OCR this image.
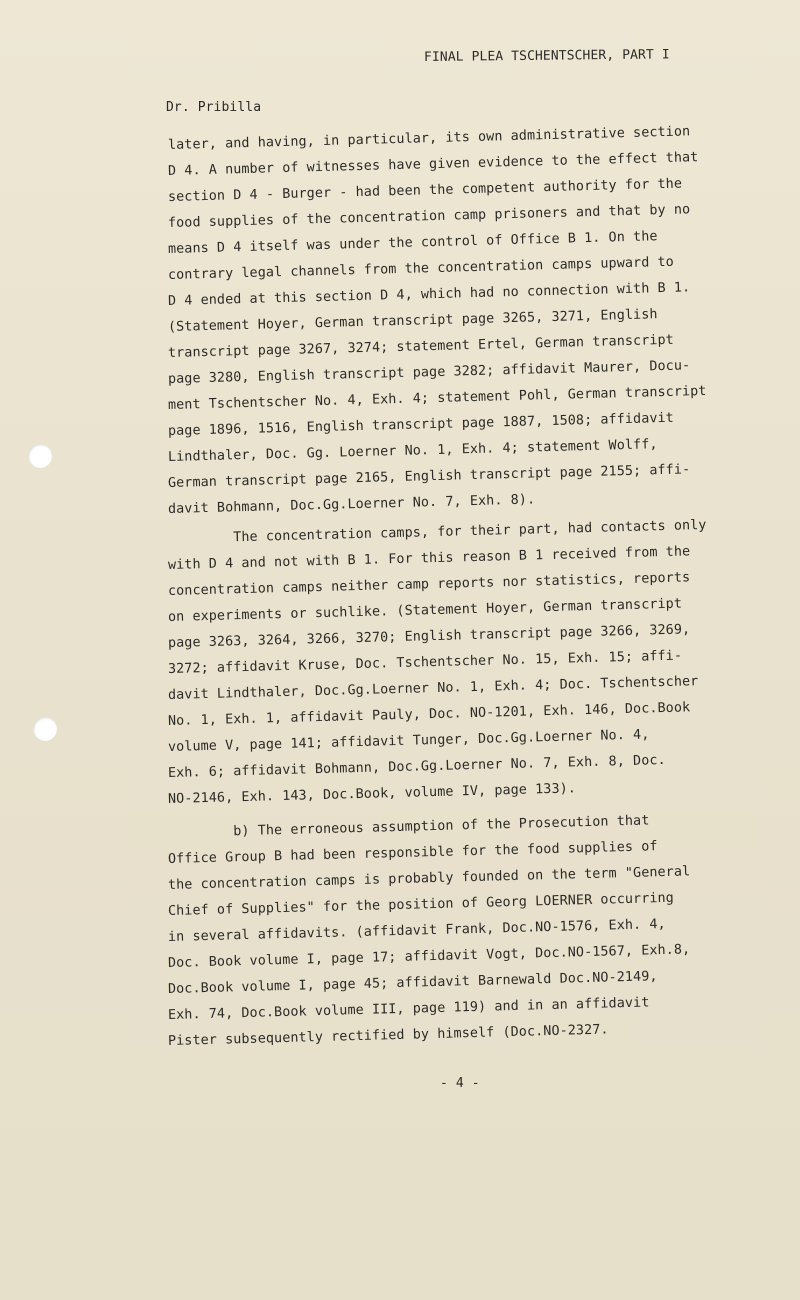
FINAL PLEA TSCHENTSCHER, PART I
Dr. Pribilla

later, and having, in particular, its own administrative section

D 4. A number of witnesses have given evidence to the effect that

section D 4 - Burger - had been the competent authority for the

food supplies of the concentration camp prisoners and that by no

means D 4 itself was under the control of Office B 1. On the

contrary legal channels from the concentration camps upward to

D 4 ended at this section D 4, which had no connection with B 1.

(Statement Hoyer, German transcript page 3265, 3271, English

transcript page 3267, 3274; statement Ertel, German transcript

page 3280, English transcript page 3282; affidavit Maurer, Docu-

ment Tschentscher No. 4, Exh. 4; statement Pohl, German transcript

page 1896, 1516, English transcript page 1887, 1508; affidavit

Lindthaler, Doc. Gg. Loerner No. 1, Exh. 4; statement Wolff,

German transcript page 2165, English transcript page 2155; affi-

davit Bohmann, Doc.Gg.Loerner No. 7, Exh. 8).

The concentration camps, for their part, had contacts only

with D 4 and not with B 1. For this reason B 1 received from the

concentration camps neither camp reports nor statistics, reports

on experiments or suchlike. (Statement Hoyer, German transcript

page 3263, 3264, 3266, 3270; English transcript page 3266, 3269,

3272; affidavit Kruse, Doc. Tschentscher No. 15, Exh. 15; affi-

davit Lindthaler, Doc.Gg.Loerner No. 1, Exh. 4; Doc. Tschentscher

No. 1, Exh. 1, affidavit Pauly, Doc. NO-1201, Exh. 146, Doc.Book

volume V, page 141; affidavit Tunger, Doc.Gg.Loerner No. 4,

Exh. 6; affidavit Bohmann, Doc.Gg.Loerner No. 7, Exh. 8, Doc.

NO-2146, Exh. 143, Doc.Book, volume IV, page 133).

b) The erroneous assumption of the Prosecution that

Office Group B had been responsible for the food supplies of

the concentration camps is probably founded on the term "General

Chief of Supplies" for the position of Georg LOERNER occurring

in several affidavits. (affidavit Frank, Doc.NO-1576, Exh. 4,

Doc. Book volume I, page 17; affidavit Vogt, Doc.NO-1567, Exh.8,

Doc.Book volume I, page 45; affidavit Barnewald Doc.NO-2149,

Exh. 74, Doc.Book volume III, page 119) and in an affidavit

Pister subsequently rectified by himself (Doc.NO-2327.

- 4 -
